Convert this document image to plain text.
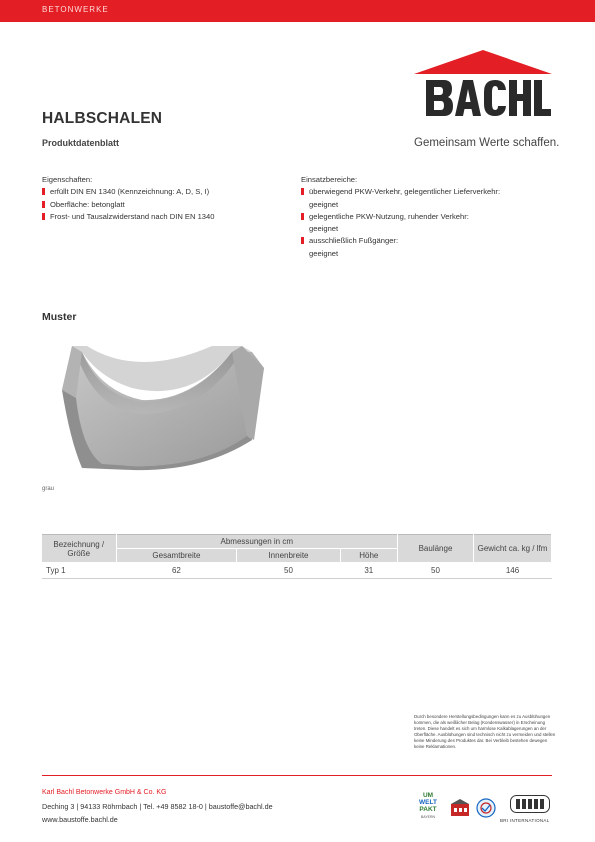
BETONWERKE
Gemeinsam Werte schaffen.
HALBSCHALEN
Produktdatenblatt
Eigenschaften:
erfüllt DIN EN 1340 (Kennzeichnung: A, D, S, I)
Oberfläche: betonglatt
Frost- und Tausalzwiderstand nach DIN EN 1340
Einsatzbereiche:
überwiegend PKW-Verkehr, gelegentlicher Lieferverkehr:
geeignet
gelegentliche PKW-Nutzung, ruhender Verkehr:
geeignet
ausschließlich Fußgänger:
geeignet
Muster
grau
Bezeichnung / Größe	Abmessungen in cm			Baulänge	Gewicht ca. kg / lfm
	Gesamtbreite	Innenbreite	Höhe		
Typ 1	62	50	31	50	146
Durch besondere Herstellungsbedingungen kann es zu Ausblühungen kommen, die als weißlicher Belag (Kondenswasser) in Erscheinung treten. Diese handelt es sich um harmlose Kalkablagerungen an der Oberfläche. Ausblühungen sind technisch nicht zu vermeiden und stellen keine Minderung des Produktes dar. Bei Verbleib bestehen dewegen keine Reklamationen.
Karl Bachl Betonwerke GmbH & Co. KG
Deching 3 | 94133 Röhrnbach | Tel. +49 8582 18-0 | baustoffe@bachl.de
www.baustoffe.bachl.de
UM
WELT
PAKT
BAYERN
BRI INTERNATIONAL
